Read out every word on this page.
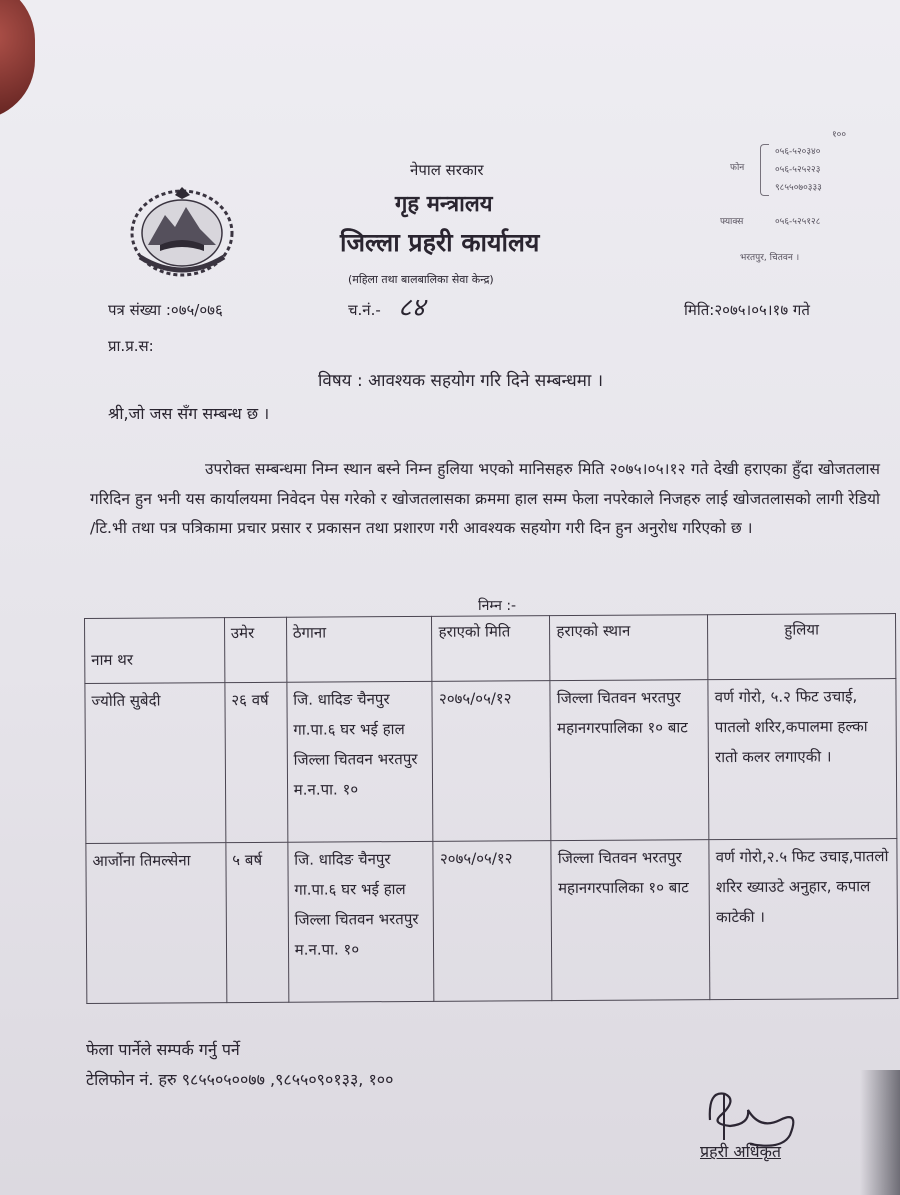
नेपाल सरकार
गृह मन्त्रालय
जिल्ला प्रहरी कार्यालय
(महिला तथा बालबालिका सेवा केन्द्र)
१००
फोन
०५६-५२०३४०
०५६-५२५२२३
९८५५०७०३३३
फ्याक्स	०५६-५२५१२८
भरतपुर, चितवन ।
पत्र संख्या :०७५/०७६	च.नं.- ८४	मिति:२०७५।०५।१७ गते
प्रा.प्र.स:
विषय : आवश्यक सहयोग गरि दिने सम्बन्धमा ।
श्री,जो जस सँग सम्बन्ध छ ।
उपरोक्त सम्बन्धमा निम्न स्थान बस्ने निम्न हुलिया भएको मानिसहरु मिति २०७५।०५।१२ गते देखी हराएका हुँदा खोजतलास गरिदिन हुन भनी यस कार्यालयमा निवेदन पेस गरेको र खोजतलासका क्रममा हाल सम्म फेला नपरेकाले निजहरु लाई खोजतलासको लागी रेडियो /टि.भी तथा पत्र पत्रिकामा प्रचार प्रसार र प्रकासन तथा प्रशारण गरी आवश्यक सहयोग गरी दिन हुन अनुरोध गरिएको छ ।
निम्न :-

नाम थर	उमेर	ठेगाना	हराएको मिति	हराएको स्थान	हुलिया
ज्योति सुबेदी	२६ वर्ष	जि. धादिङ चैनपुर गा.पा.६ घर भई हाल जिल्ला चितवन भरतपुर म.न.पा. १०	२०७५/०५/१२	जिल्ला चितवन भरतपुर महानगरपालिका १० बाट	वर्ण गोरो, ५.२ फिट उचाई, पातलो शरिर,कपालमा हल्का रातो कलर लगाएकी ।
आर्जोना तिमल्सेना	५ बर्ष	जि. धादिङ चैनपुर गा.पा.६ घर भई हाल जिल्ला चितवन भरतपुर म.न.पा. १०	२०७५/०५/१२	जिल्ला चितवन भरतपुर महानगरपालिका १० बाट	वर्ण गोरो,२.५ फिट उचाइ,पातलो शरिर ख्याउटे अनुहार, कपाल काटेकी ।
फेला पार्नेले सम्पर्क गर्नु पर्ने
टेलिफोन नं. हरु ९८५५०५००७७ ,९८५५०९०१३३, १००
प्रहरी अधिकृत
